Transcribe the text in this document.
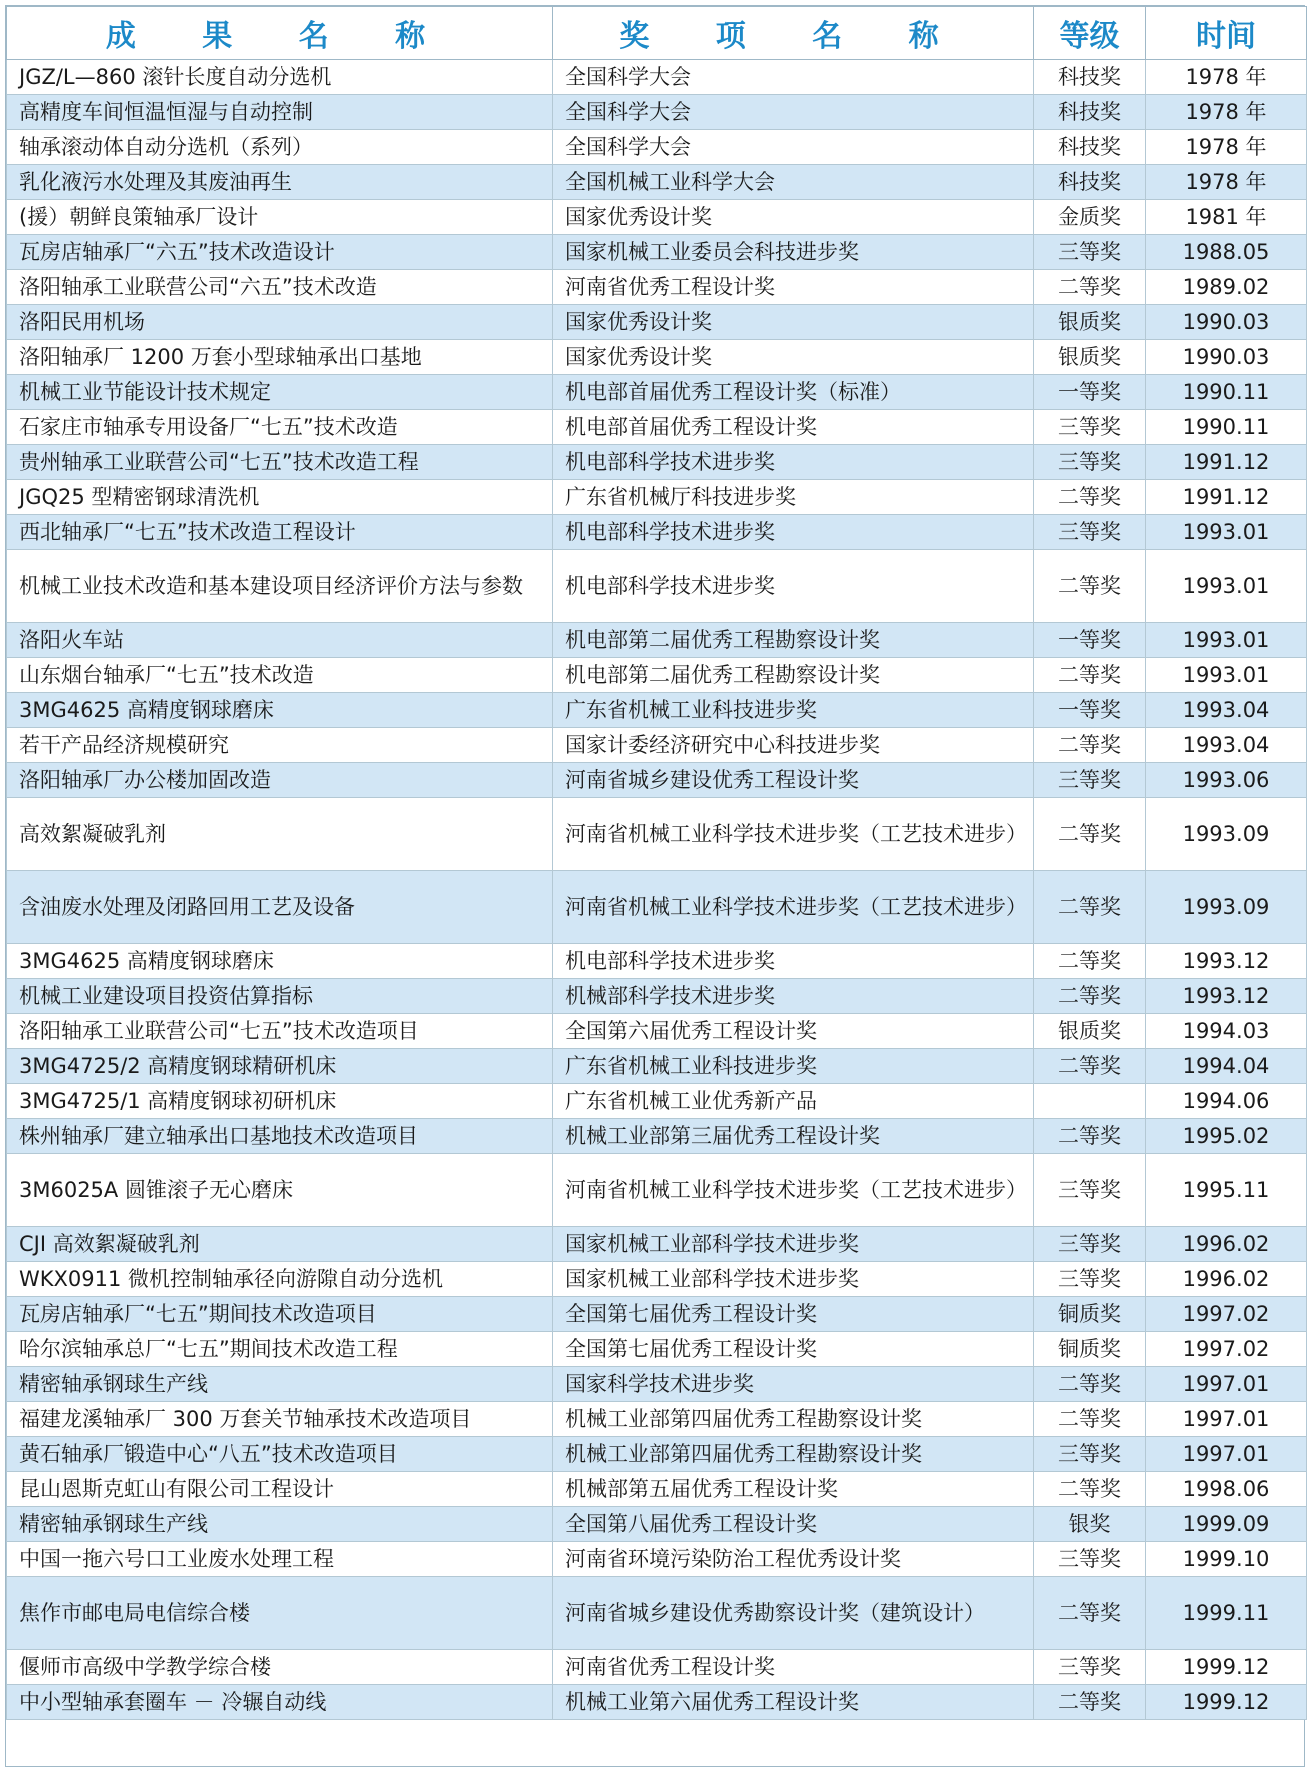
成 果 名 称	奖 项 名 称	等级	时间
JGZ/L—860 滚针长度自动分选机	全国科学大会	科技奖	1978 年
高精度车间恒温恒湿与自动控制	全国科学大会	科技奖	1978 年
轴承滚动体自动分选机（系列）	全国科学大会	科技奖	1978 年
乳化液污水处理及其废油再生	全国机械工业科学大会	科技奖	1978 年
(援）朝鲜良策轴承厂设计	国家优秀设计奖	金质奖	1981 年
瓦房店轴承厂“六五”技术改造设计	国家机械工业委员会科技进步奖	三等奖	1988.05
洛阳轴承工业联营公司“六五”技术改造	河南省优秀工程设计奖	二等奖	1989.02
洛阳民用机场	国家优秀设计奖	银质奖	1990.03
洛阳轴承厂 1200 万套小型球轴承出口基地	国家优秀设计奖	银质奖	1990.03
机械工业节能设计技术规定	机电部首届优秀工程设计奖（标准）	一等奖	1990.11
石家庄市轴承专用设备厂“七五”技术改造	机电部首届优秀工程设计奖	三等奖	1990.11
贵州轴承工业联营公司“七五”技术改造工程	机电部科学技术进步奖	三等奖	1991.12
JGQ25 型精密钢球清洗机	广东省机械厅科技进步奖	二等奖	1991.12
西北轴承厂“七五”技术改造工程设计	机电部科学技术进步奖	三等奖	1993.01
机械工业技术改造和基本建设项目经济评价方法与参数	机电部科学技术进步奖	二等奖	1993.01
洛阳火车站	机电部第二届优秀工程勘察设计奖	一等奖	1993.01
山东烟台轴承厂“七五”技术改造	机电部第二届优秀工程勘察设计奖	二等奖	1993.01
3MG4625 高精度钢球磨床	广东省机械工业科技进步奖	一等奖	1993.04
若干产品经济规模研究	国家计委经济研究中心科技进步奖	二等奖	1993.04
洛阳轴承厂办公楼加固改造	河南省城乡建设优秀工程设计奖	三等奖	1993.06
高效絮凝破乳剂	河南省机械工业科学技术进步奖（工艺技术进步）	二等奖	1993.09
含油废水处理及闭路回用工艺及设备	河南省机械工业科学技术进步奖（工艺技术进步）	二等奖	1993.09
3MG4625 高精度钢球磨床	机电部科学技术进步奖	二等奖	1993.12
机械工业建设项目投资估算指标	机械部科学技术进步奖	二等奖	1993.12
洛阳轴承工业联营公司“七五”技术改造项目	全国第六届优秀工程设计奖	银质奖	1994.03
3MG4725/2 高精度钢球精研机床	广东省机械工业科技进步奖	二等奖	1994.04
3MG4725/1 高精度钢球初研机床	广东省机械工业优秀新产品		1994.06
株州轴承厂建立轴承出口基地技术改造项目	机械工业部第三届优秀工程设计奖	二等奖	1995.02
3M6025A 圆锥滚子无心磨床	河南省机械工业科学技术进步奖（工艺技术进步）	三等奖	1995.11
CJI 高效絮凝破乳剂	国家机械工业部科学技术进步奖	三等奖	1996.02
WKX0911 微机控制轴承径向游隙自动分选机	国家机械工业部科学技术进步奖	三等奖	1996.02
瓦房店轴承厂“七五”期间技术改造项目	全国第七届优秀工程设计奖	铜质奖	1997.02
哈尔滨轴承总厂“七五”期间技术改造工程	全国第七届优秀工程设计奖	铜质奖	1997.02
精密轴承钢球生产线	国家科学技术进步奖	二等奖	1997.01
福建龙溪轴承厂 300 万套关节轴承技术改造项目	机械工业部第四届优秀工程勘察设计奖	二等奖	1997.01
黄石轴承厂锻造中心“八五”技术改造项目	机械工业部第四届优秀工程勘察设计奖	三等奖	1997.01
昆山恩斯克虹山有限公司工程设计	机械部第五届优秀工程设计奖	二等奖	1998.06
精密轴承钢球生产线	全国第八届优秀工程设计奖	银奖	1999.09
中国一拖六号口工业废水处理工程	河南省环境污染防治工程优秀设计奖	三等奖	1999.10
焦作市邮电局电信综合楼	河南省城乡建设优秀勘察设计奖（建筑设计）	二等奖	1999.11
偃师市高级中学教学综合楼	河南省优秀工程设计奖	三等奖	1999.12
中小型轴承套圈车 － 冷辗自动线	机械工业第六届优秀工程设计奖	二等奖	1999.12
